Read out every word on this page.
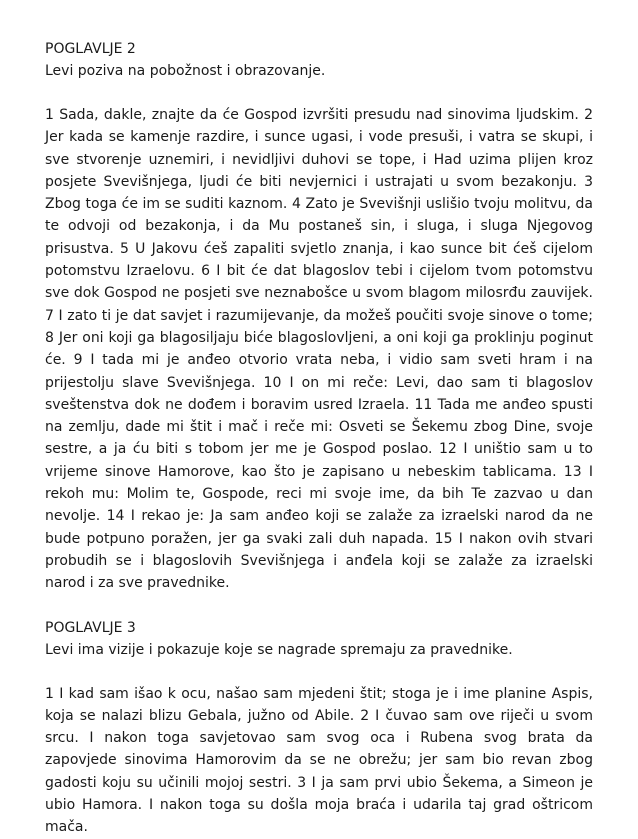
POGLAVLJE 2

Levi poziva na pobožnost i obrazovanje.

1 Sada, dakle, znajte da će Gospod izvršiti presudu nad sinovima ljudskim. 2 Jer kada se kamenje razdire, i sunce ugasi, i vode presuši, i vatra se skupi, i sve stvorenje uznemiri, i nevidljivi duhovi se tope, i Had uzima plijen kroz posjete Svevišnjega, ljudi će biti nevjernici i ustrajati u svom bezakonju. 3 Zbog toga će im se suditi kaznom. 4 Zato je Svevišnji uslišio tvoju molitvu, da te odvoji od bezakonja, i da Mu postaneš sin, i sluga, i sluga Njegovog prisustva. 5 U Jakovu ćeš zapaliti svjetlo znanja, i kao sunce bit ćeš cijelom potomstvu Izraelovu. 6 I bit će dat blagoslov tebi i cijelom tvom potomstvu sve dok Gospod ne posjeti sve neznabošce u svom blagom milosrđu zauvijek. 7 I zato ti je dat savjet i razumijevanje, da možeš poučiti svoje sinove o tome; 8 Jer oni koji ga blagosiljaju biće blagoslovljeni, a oni koji ga proklinju poginut će. 9 I tada mi je anđeo otvorio vrata neba, i vidio sam sveti hram i na prijestolju slave Svevišnjega. 10 I on mi reče: Levi, dao sam ti blagoslov sveštenstva dok ne dođem i boravim usred Izraela. 11 Tada me anđeo spusti na zemlju, dade mi štit i mač i reče mi: Osveti se Šekemu zbog Dine, svoje sestre, a ja ću biti s tobom jer me je Gospod poslao. 12 I uništio sam u to vrijeme sinove Hamorove, kao što je zapisano u nebeskim tablicama. 13 I rekoh mu: Molim te, Gospode, reci mi svoje ime, da bih Te zazvao u dan nevolje. 14 I rekao je: Ja sam anđeo koji se zalaže za izraelski narod da ne bude potpuno poražen, jer ga svaki zali duh napada. 15 I nakon ovih stvari probudih se i blagoslovih Svevišnjega i anđela koji se zalaže za izraelski narod i za sve pravednike.

POGLAVLJE 3

Levi ima vizije i pokazuje koje se nagrade spremaju za pravednike.

1 I kad sam išao k ocu, našao sam mjedeni štit; stoga je i ime planine Aspis, koja se nalazi blizu Gebala, južno od Abile. 2 I čuvao sam ove riječi u svom srcu. I nakon toga savjetovao sam svog oca i Rubena svog brata da zapovjede sinovima Hamorovim da se ne obrežu; jer sam bio revan zbog gadosti koju su učinili mojoj sestri. 3 I ja sam prvi ubio Šekema, a Simeon je ubio Hamora. I nakon toga su došla moja braća i udarila taj grad oštricom mača.
